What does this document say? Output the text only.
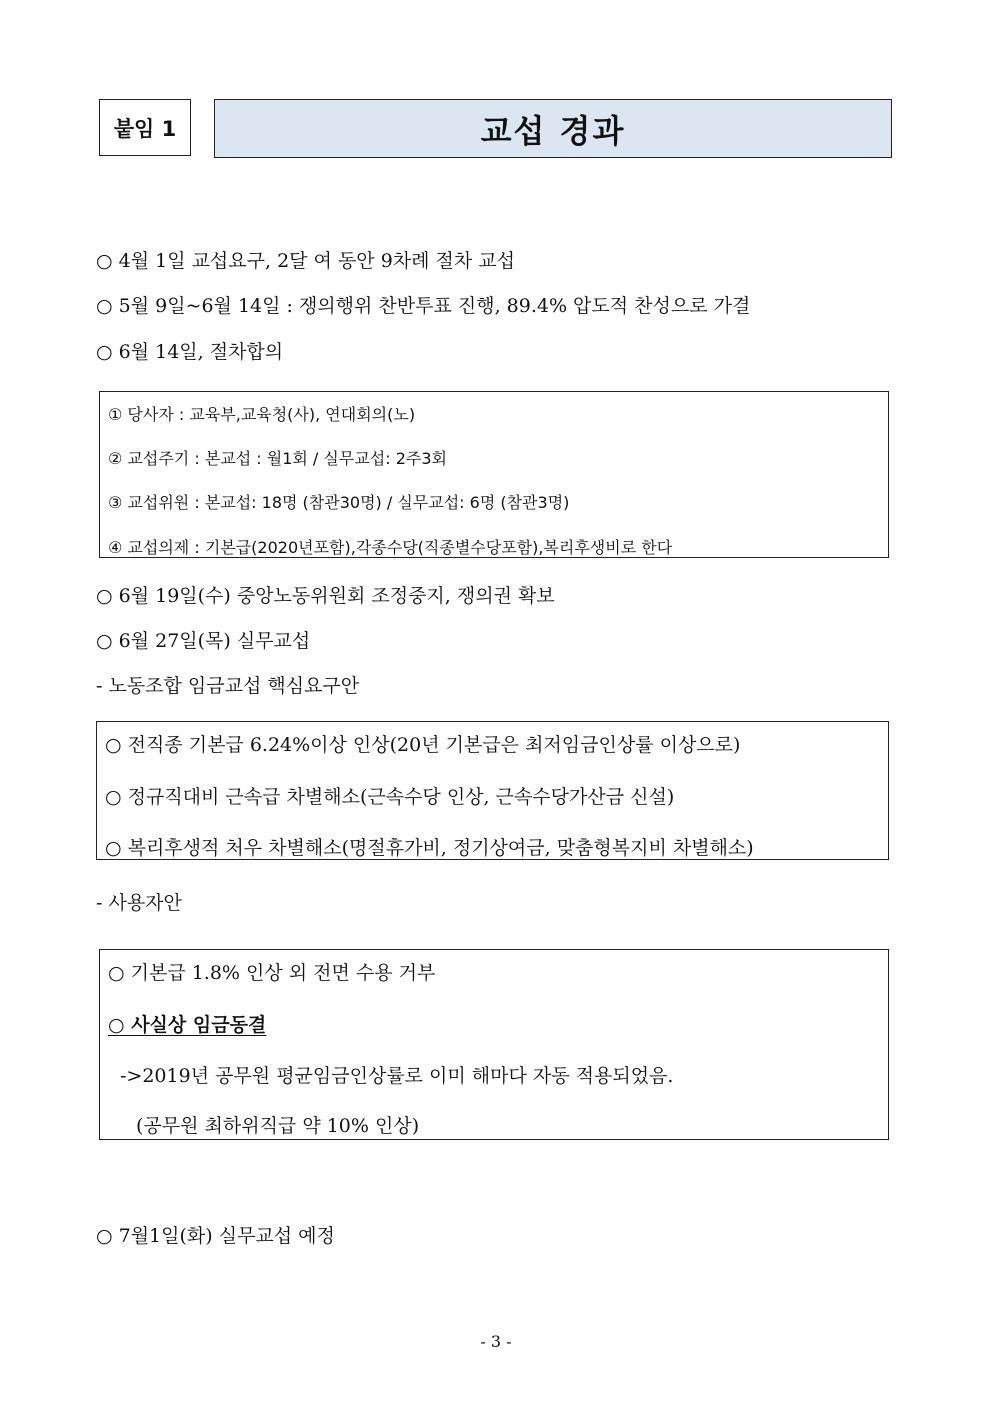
붙임 1	교섭 경과
○ 4월 1일 교섭요구, 2달 여 동안 9차례 절차 교섭
○ 5월 9일~6월 14일 : 쟁의행위 찬반투표 진행, 89.4% 압도적 찬성으로 가결
○ 6월 14일, 절차합의
① 당사자 : 교육부,교육청(사), 연대회의(노)
② 교섭주기 : 본교섭 : 월1회 / 실무교섭: 2주3회
③ 교섭위원 : 본교섭: 18명 (참관30명) / 실무교섭: 6명 (참관3명)
④ 교섭의제 : 기본급(2020년포함),각종수당(직종별수당포함),복리후생비로 한다
○ 6월 19일(수) 중앙노동위원회 조정중지, 쟁의권 확보
○ 6월 27일(목) 실무교섭
- 노동조합 임금교섭 핵심요구안
○ 전직종 기본급 6.24%이상 인상(20년 기본급은 최저임금인상률 이상으로)
○ 정규직대비 근속급 차별해소(근속수당 인상, 근속수당가산금 신설)
○ 복리후생적 처우 차별해소(명절휴가비, 정기상여금, 맞춤형복지비 차별해소)
- 사용자안
○ 기본급 1.8% 인상 외 전면 수용 거부
○ 사실상 임금동결
->2019년 공무원 평균임금인상률로 이미 해마다 자동 적용되었음.
(공무원 최하위직급 약 10% 인상)
○ 7월1일(화) 실무교섭 예정
- 3 -
